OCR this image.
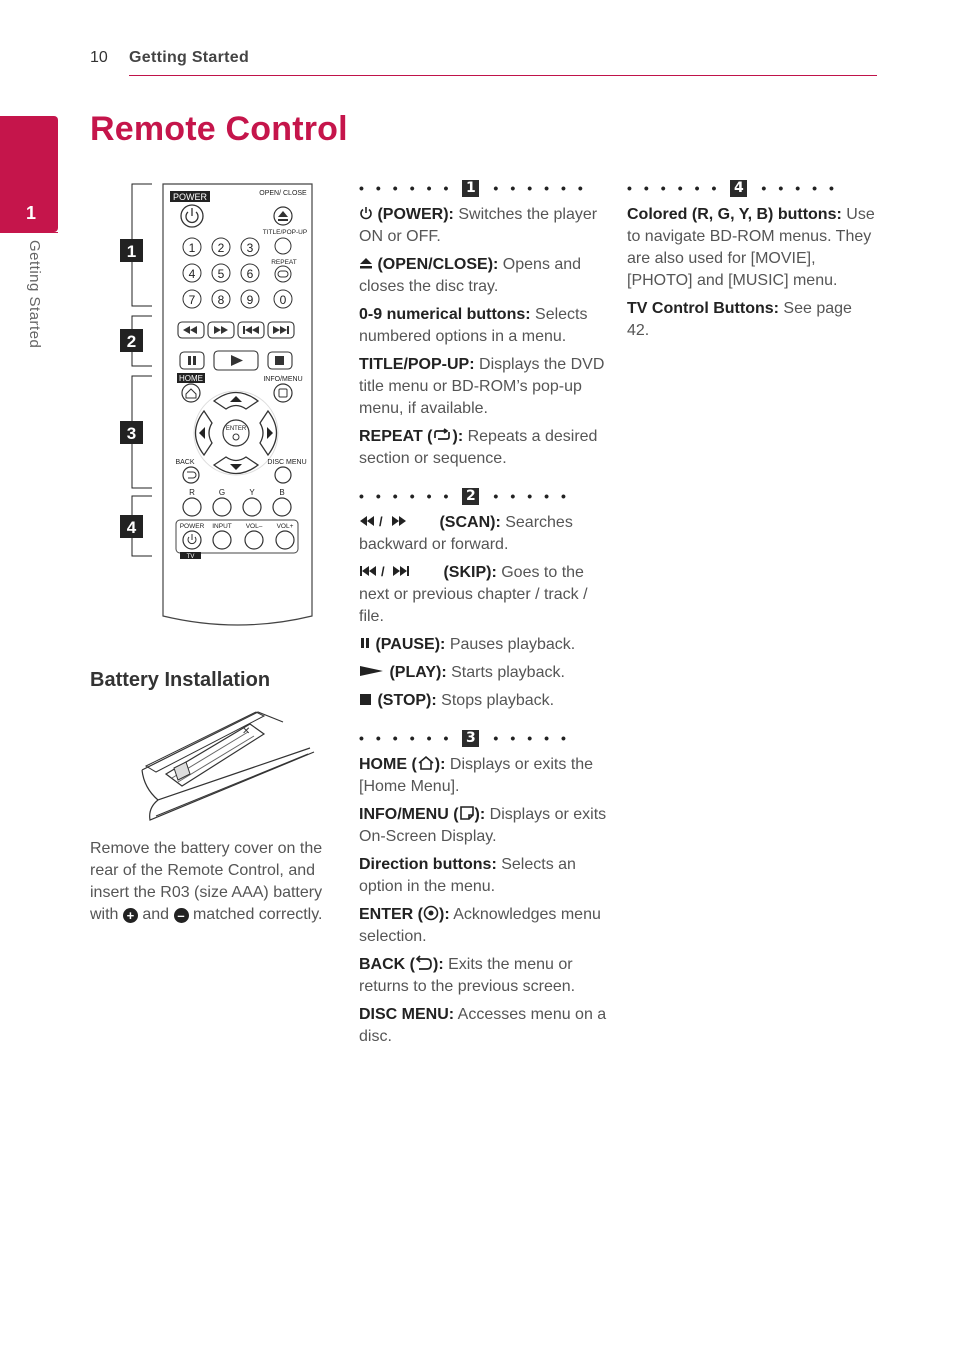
10 Getting Started
1
Getting Started
Remote Control
1
2
3
4
POWER	OPEN/ CLOSE
1 2 3
4 5 6
7 8 9 0
TITLE/POP-UP
REPEAT
HOME	INFO/MENU
ENTER
BACK	DISC MENU
R	G	Y	B
POWER INPUT VOL– VOL+
TV
Battery Installation
✕
Remove the battery cover on the rear of the Remote Control, and insert the R03 (size AAA) battery with + and – matched correctly.
•••••• 1 ••••••
(POWER): Switches the player ON or OFF.
(OPEN/CLOSE): Opens and closes the disc tray.
0-9 numerical buttons: Selects numbered options in a menu.
TITLE/POP-UP: Displays the DVD title menu or BD-ROM’s pop-up menu, if available.
REPEAT ( ): Repeats a desired section or sequence.
•••••• 2 •••••
/	(SCAN): Searches backward or forward.
/	(SKIP): Goes to the next or previous chapter / track / file.
(PAUSE): Pauses playback.
(PLAY): Starts playback.
(STOP): Stops playback.
•••••• 3 •••••
HOME ( ): Displays or exits the [Home Menu].
INFO/MENU ( ): Displays or exits On-Screen Display.
Direction buttons: Selects an option in the menu.
ENTER ( ): Acknowledges menu selection.
BACK ( ): Exits the menu or returns to the previous screen.
DISC MENU: Accesses menu on a disc.
•••••• 4 •••••
Colored (R, G, Y, B) buttons: Use to navigate BD-ROM menus. They are also used for [MOVIE], [PHOTO] and [MUSIC] menu.
TV Control Buttons: See page 42.
